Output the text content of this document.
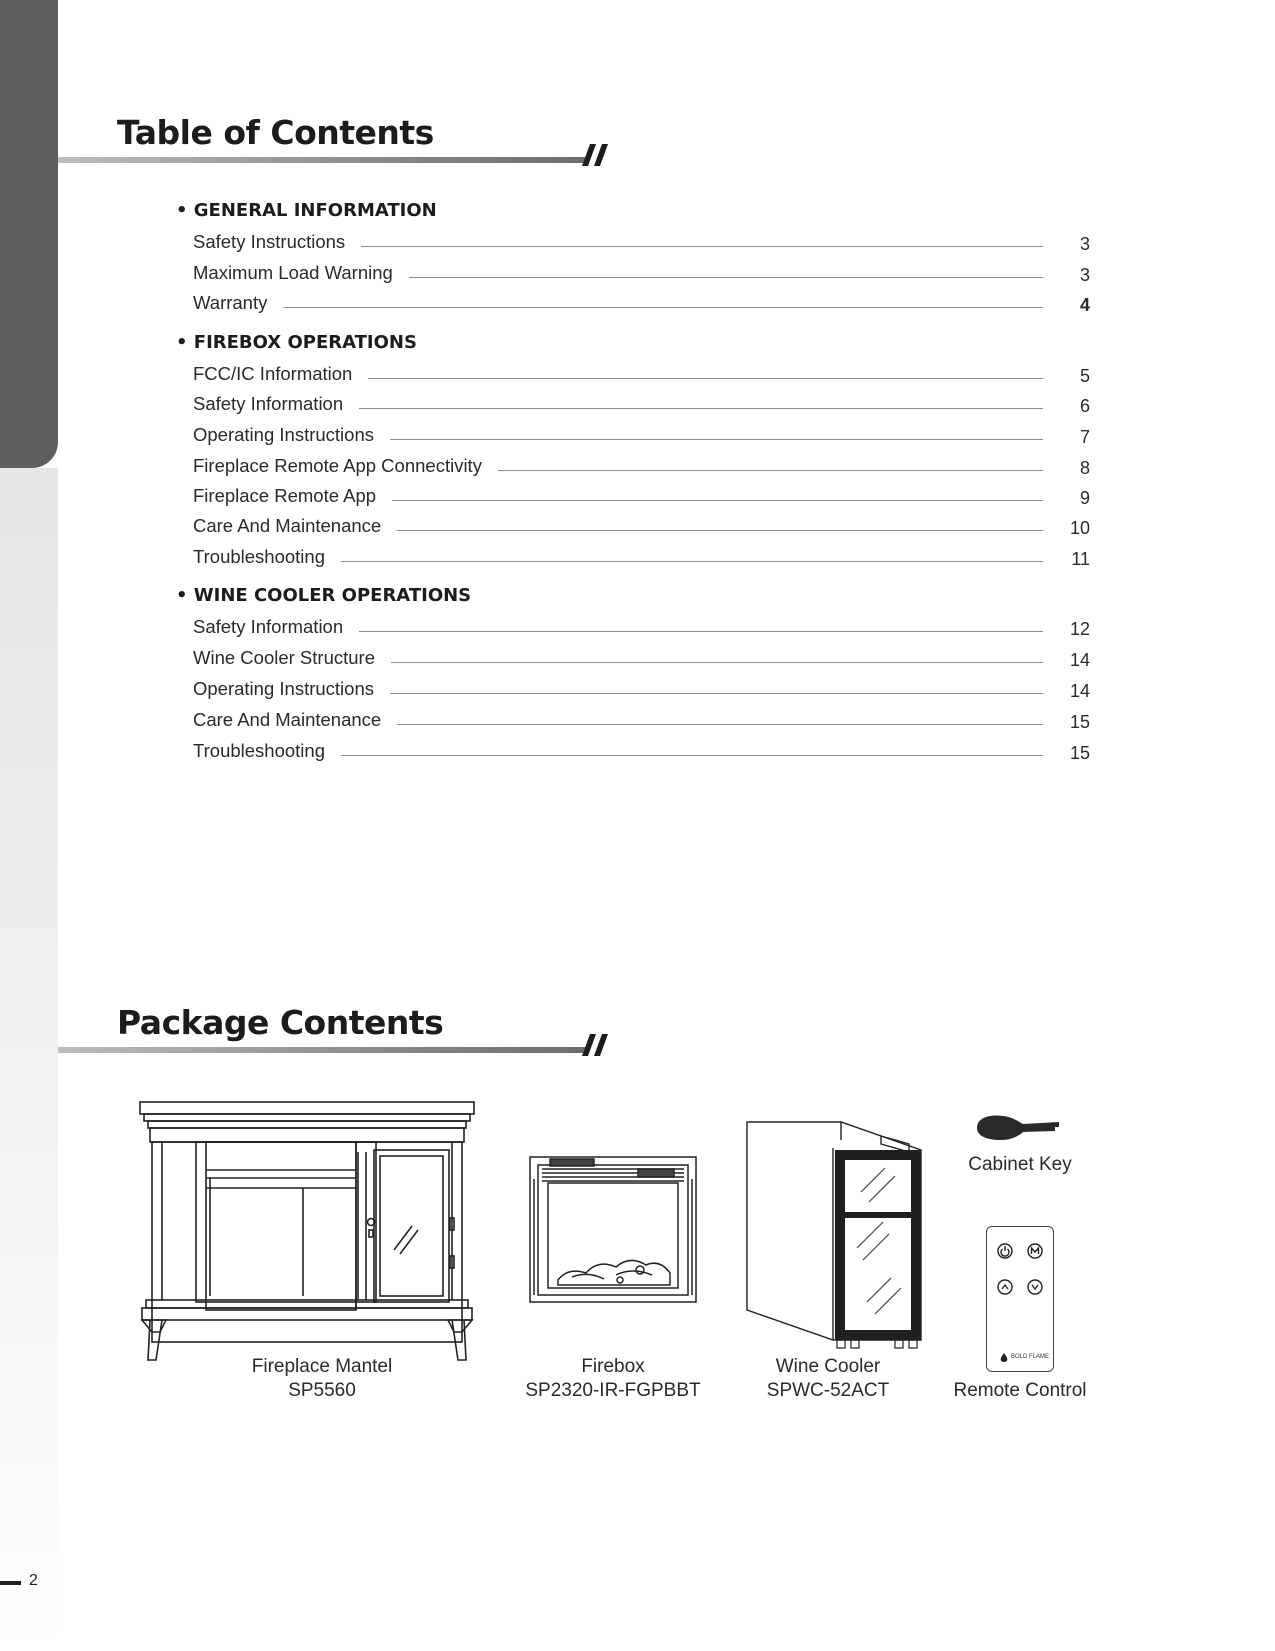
Table of Contents
• GENERAL INFORMATION
Safety Instructions	3
Maximum Load Warning	3
Warranty	4
• FIREBOX OPERATIONS
FCC/IC Information	5
Safety Information	6
Operating Instructions	7
Fireplace Remote App Connectivity	8
Fireplace Remote App	9
Care And Maintenance	10
Troubleshooting	11
• WINE COOLER OPERATIONS
Safety Information	12
Wine Cooler Structure	14
Operating Instructions	14
Care And Maintenance	15
Troubleshooting	15
Package Contents
BOLD FLAME
Fireplace Mantel
SP5560
Firebox
SP2320-IR-FGPBBT
Wine Cooler
SPWC-52ACT
Cabinet Key
Remote Control
2
